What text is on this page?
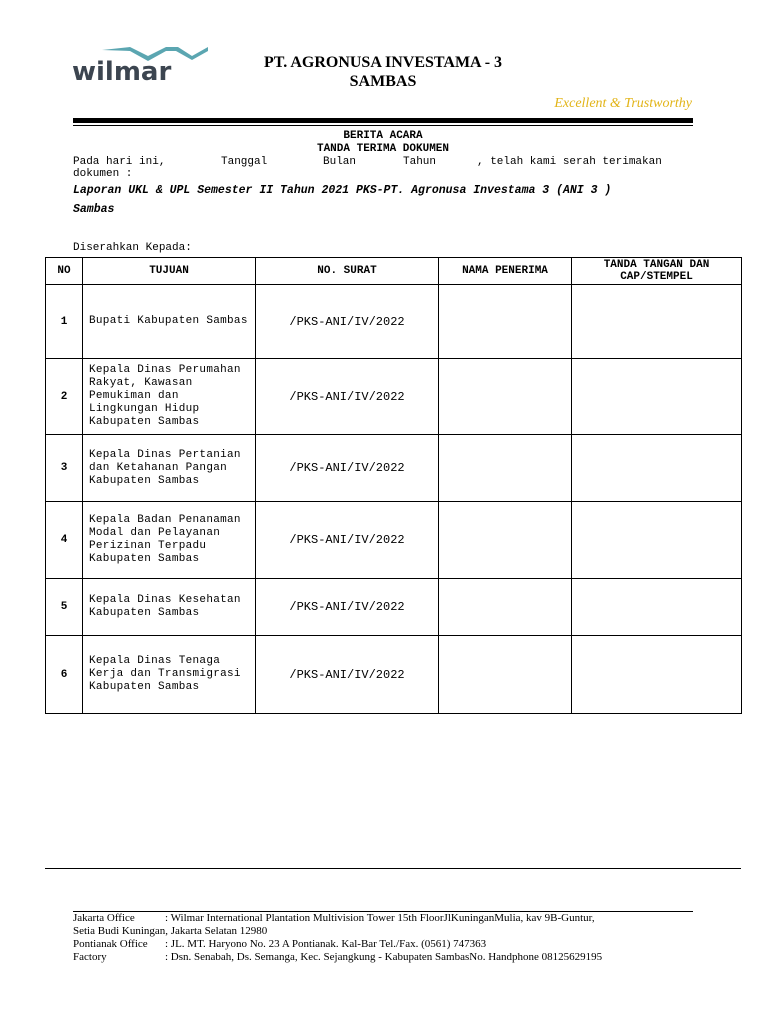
wilmar	PT. AGRONUSA INVESTAMA - 3
SAMBAS
Excellent & Trustworthy
BERITA ACARA
TANDA TERIMA DOKUMEN
Pada hari ini,	Tanggal	Bulan	Tahun	, telah kami serah terimakan
dokumen :
Laporan UKL & UPL Semester II Tahun 2021 PKS-PT. Agronusa Investama 3 (ANI 3 )
Sambas
Diserahkan Kepada:
NO	TUJUAN	NO. SURAT	NAMA PENERIMA	TANDA TANGAN DAN CAP/STEMPEL
1	Bupati Kabupaten Sambas	/PKS-ANI/IV/2022		
2	Kepala Dinas Perumahan Rakyat, Kawasan Pemukiman dan Lingkungan Hidup Kabupaten Sambas	/PKS-ANI/IV/2022		
3	Kepala Dinas Pertanian dan Ketahanan Pangan Kabupaten Sambas	/PKS-ANI/IV/2022		
4	Kepala Badan Penanaman Modal dan Pelayanan Perizinan Terpadu Kabupaten Sambas	/PKS-ANI/IV/2022		
5	Kepala Dinas Kesehatan Kabupaten Sambas	/PKS-ANI/IV/2022		
6	Kepala Dinas Tenaga Kerja dan Transmigrasi Kabupaten Sambas	/PKS-ANI/IV/2022		
Jakarta Office	: Wilmar International Plantation Multivision Tower 15th FloorJlKuninganMulia, kav 9B-Guntur,
Setia Budi Kuningan, Jakarta Selatan 12980
Pontianak Office : JL. MT. Haryono No. 23 A Pontianak. Kal-Bar Tel./Fax. (0561) 747363
Factory	: Dsn. Senabah, Ds. Semanga, Kec. Sejangkung - Kabupaten SambasNo. Handphone 08125629195
